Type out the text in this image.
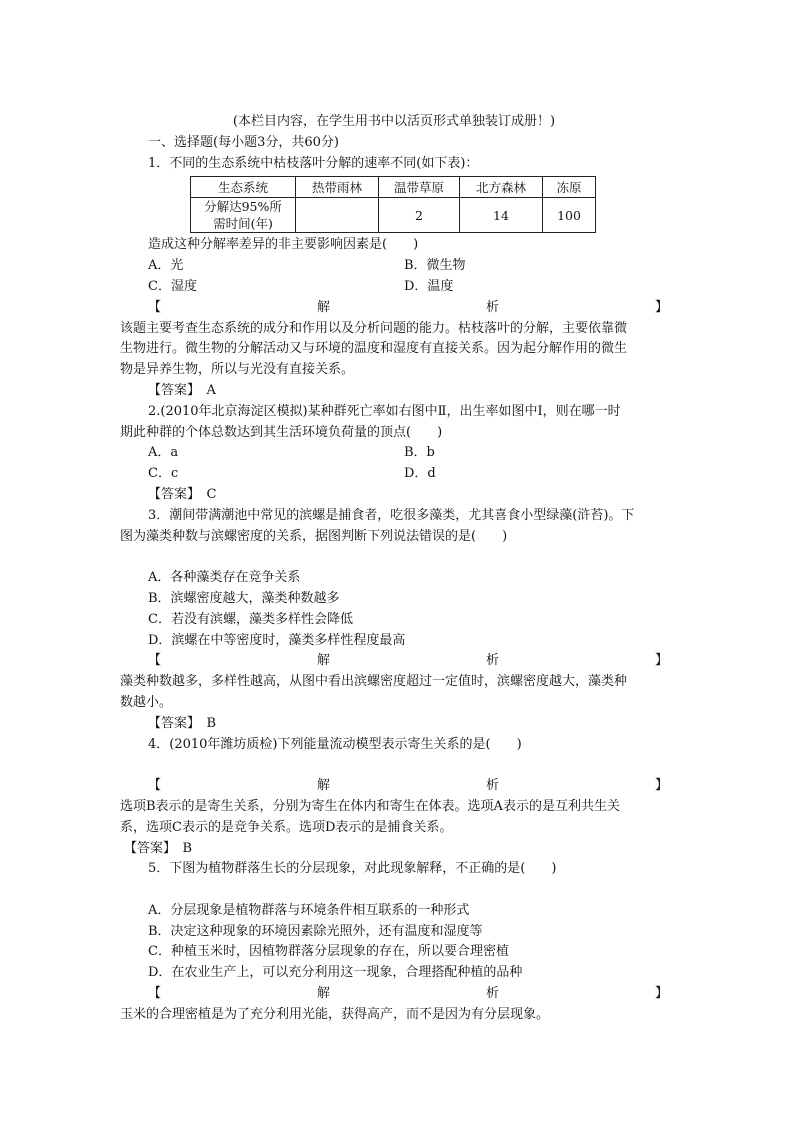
(本栏目内容，在学生用书中以活页形式单独装订成册！)
一、选择题(每小题3分，共60分)
1．不同的生态系统中枯枝落叶分解的速率不同(如下表)：
生态系统	热带雨林	温带草原	北方森林	冻原

分解达95%所
需时间(年)		2	14	100
造成这种分解率差异的非主要影响因素是(　　)
A．光	B．微生物
C．湿度	D．温度
【	解	析	】
该题主要考查生态系统的成分和作用以及分析问题的能力。枯枝落叶的分解，主要依靠微
生物进行。微生物的分解活动又与环境的温度和湿度有直接关系。因为起分解作用的微生
物是异养生物，所以与光没有直接关系。
【答案】　A
2.(2010年北京海淀区模拟)某种群死亡率如右图中Ⅱ，出生率如图中Ⅰ，则在哪一时
期此种群的个体总数达到其生活环境负荷量的顶点(　　)
A．a	B．b
C．c	D．d
【答案】　C
3．潮间带满潮池中常见的滨螺是捕食者，吃很多藻类，尤其喜食小型绿藻(浒苔)。下
图为藻类种数与滨螺密度的关系，据图判断下列说法错误的是(　　)
A．各种藻类存在竞争关系
B．滨螺密度越大，藻类种数越多
C．若没有滨螺，藻类多样性会降低
D．滨螺在中等密度时，藻类多样性程度最高
【	解	析	】
藻类种数越多，多样性越高，从图中看出滨螺密度超过一定值时，滨螺密度越大，藻类种
数越小。
【答案】　B
4．(2010年潍坊质检)下列能量流动模型表示寄生关系的是(　　)
【	解	析	】
选项B表示的是寄生关系，分别为寄生在体内和寄生在体表。选项A表示的是互利共生关
系，选项C表示的是竞争关系。选项D表示的是捕食关系。
【答案】　B
5．下图为植物群落生长的分层现象，对此现象解释，不正确的是(　　)
A．分层现象是植物群落与环境条件相互联系的一种形式
B．决定这种现象的环境因素除光照外，还有温度和湿度等
C．种植玉米时，因植物群落分层现象的存在，所以要合理密植
D．在农业生产上，可以充分利用这一现象，合理搭配种植的品种
【	解	析	】
玉米的合理密植是为了充分利用光能，获得高产，而不是因为有分层现象。
